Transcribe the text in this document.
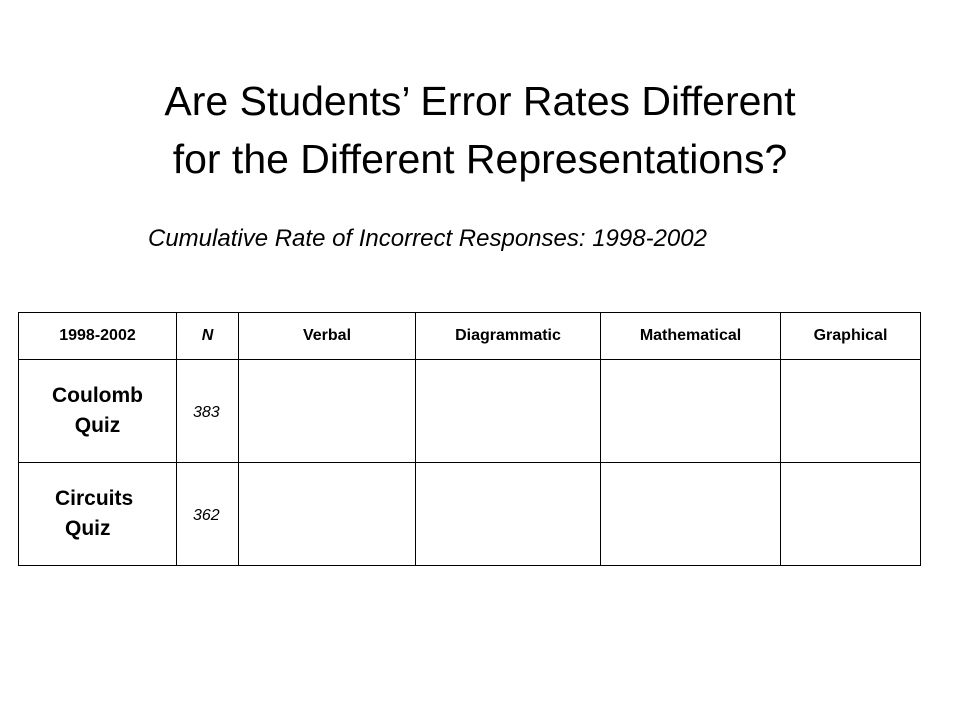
Are Students’ Error Rates Different
for the Different Representations?
Cumulative Rate of Incorrect Responses: 1998-2002
1998-2002	N	Verbal	Diagrammatic	Mathematical	Graphical

Coulomb
Quiz	383				

Circuits
Quiz	362				
